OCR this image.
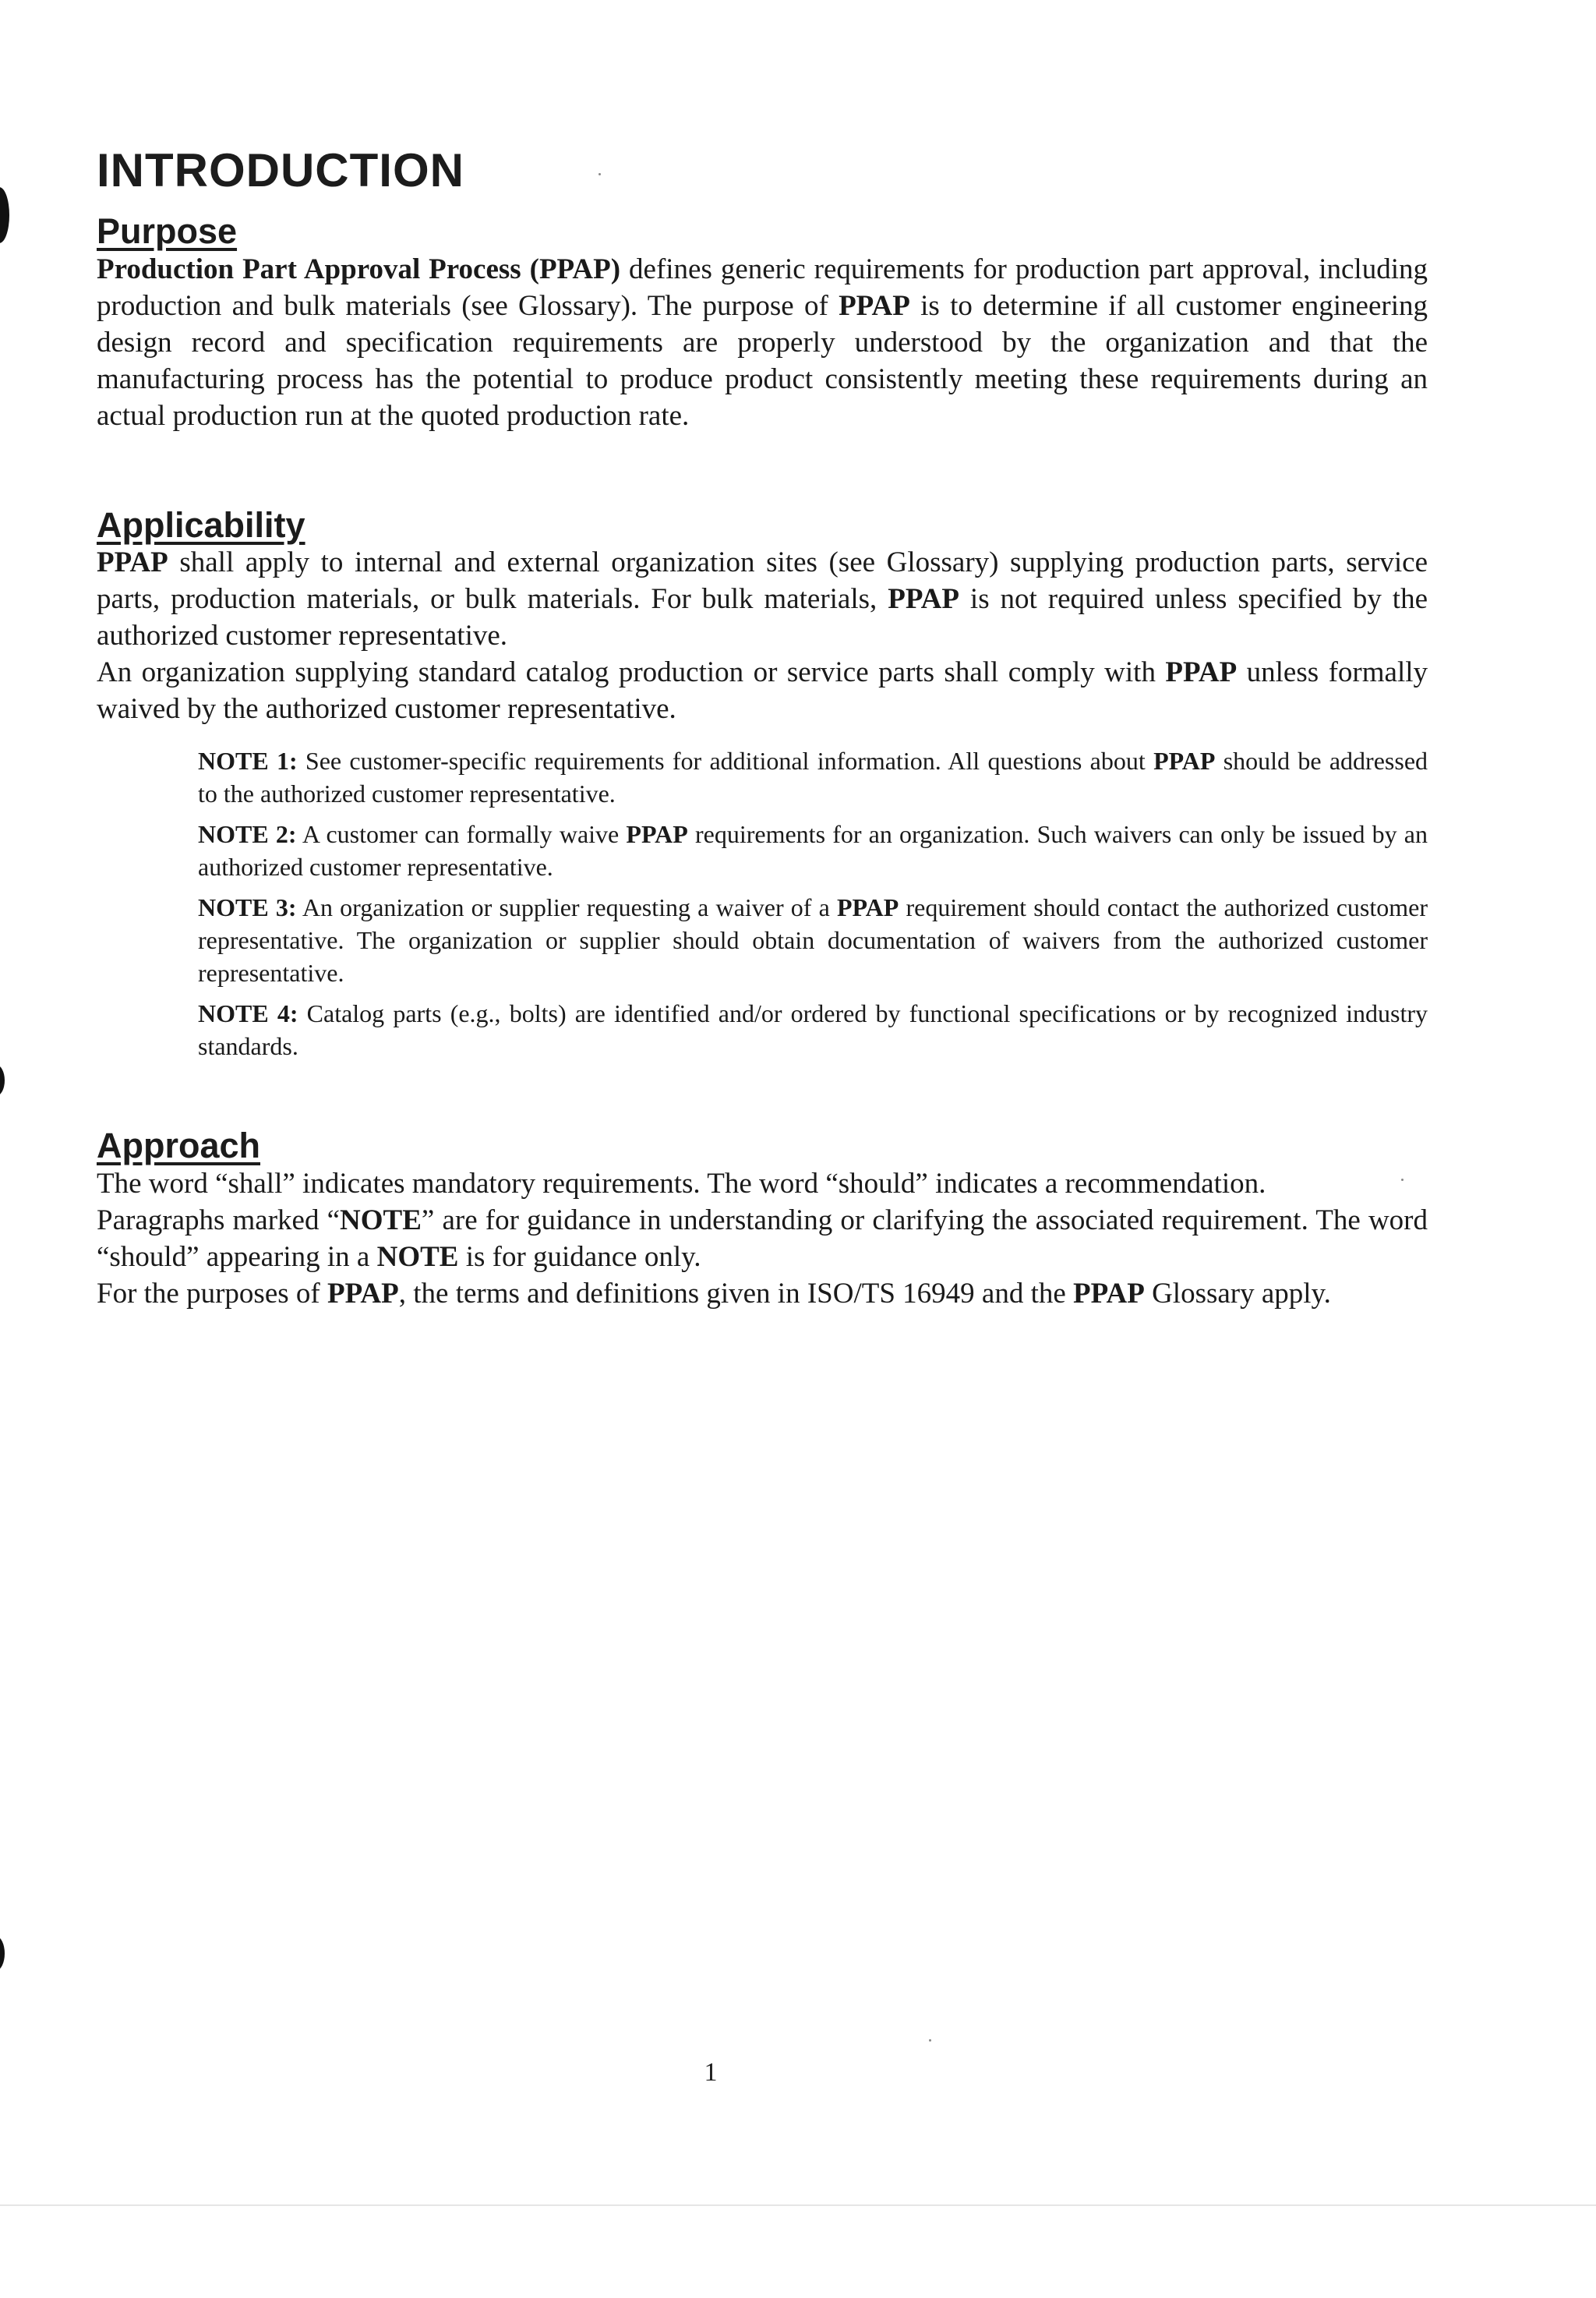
INTRODUCTION
Purpose

Production Part Approval Process (PPAP) defines generic requirements for production part approval, including production and bulk materials (see Glossary). The purpose of PPAP is to determine if all customer engineering design record and specification requirements are properly understood by the organization and that the manufacturing process has the potential to produce product consistently meeting these requirements during an actual production run at the quoted production rate.

Applicability

PPAP shall apply to internal and external organization sites (see Glossary) supplying production parts, service parts, production materials, or bulk materials. For bulk materials, PPAP is not required unless specified by the authorized customer representative.

An organization supplying standard catalog production or service parts shall comply with PPAP unless formally waived by the authorized customer representative.

NOTE 1: See customer-specific requirements for additional information. All questions about PPAP should be addressed to the authorized customer representative.

NOTE 2: A customer can formally waive PPAP requirements for an organization. Such waivers can only be issued by an authorized customer representative.

NOTE 3: An organization or supplier requesting a waiver of a PPAP requirement should contact the authorized customer representative. The organization or supplier should obtain documentation of waivers from the authorized customer representative.

NOTE 4: Catalog parts (e.g., bolts) are identified and/or ordered by functional specifications or by recognized industry standards.

Approach

The word “shall” indicates mandatory requirements. The word “should” indicates a recommendation.

Paragraphs marked “NOTE” are for guidance in understanding or clarifying the associated requirement. The word “should” appearing in a NOTE is for guidance only.

For the purposes of PPAP, the terms and definitions given in ISO/TS 16949 and the PPAP Glossary apply.

1
